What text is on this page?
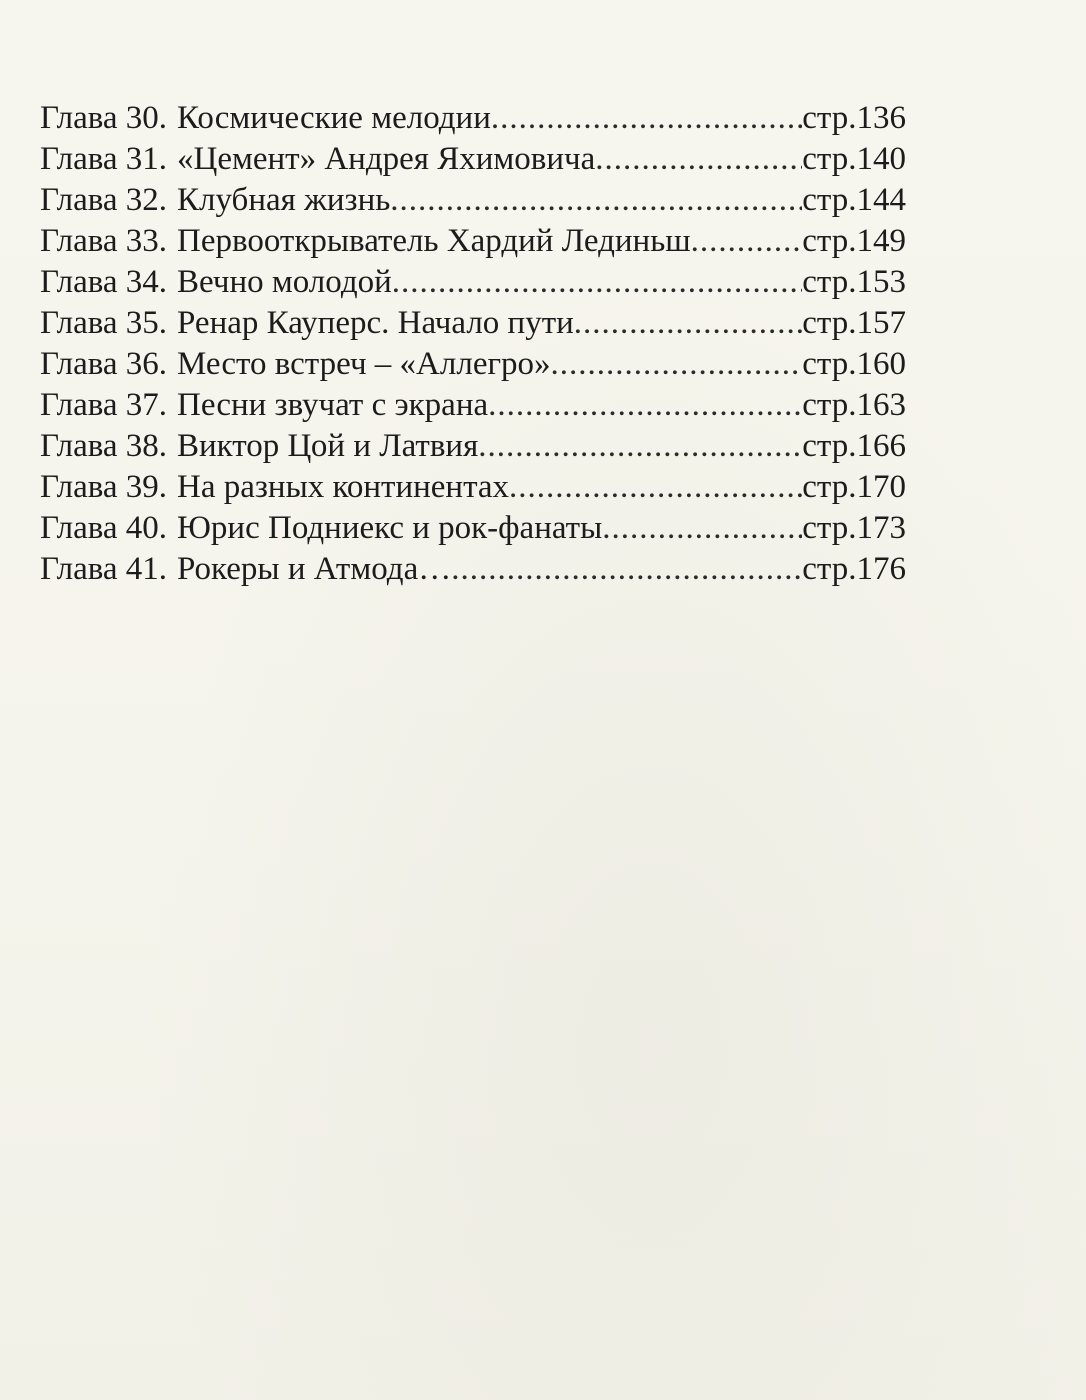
Глава 30. Космические мелодии .....	стр.136
Глава 31. «Цемент» Андрея Яхимовича .....	стр.140
Глава 32. Клубная жизнь .....	стр.144
Глава 33. Первооткрыватель Хардий Лединьш .....	стр.149
Глава 34. Вечно молодой .....	стр.153
Глава 35. Ренар Кауперс. Начало пути .....	стр.157
Глава 36. Место встреч – «Аллегро» .....	стр.160
Глава 37. Песни звучат с экрана .....	стр.163
Глава 38. Виктор Цой и Латвия .....	стр.166
Глава 39. На разных континентах .....	стр.170
Глава 40. Юрис Подниекс и рок-фанаты .....	стр.173
Глава 41. Рокеры и Атмода… .....	стр.176
